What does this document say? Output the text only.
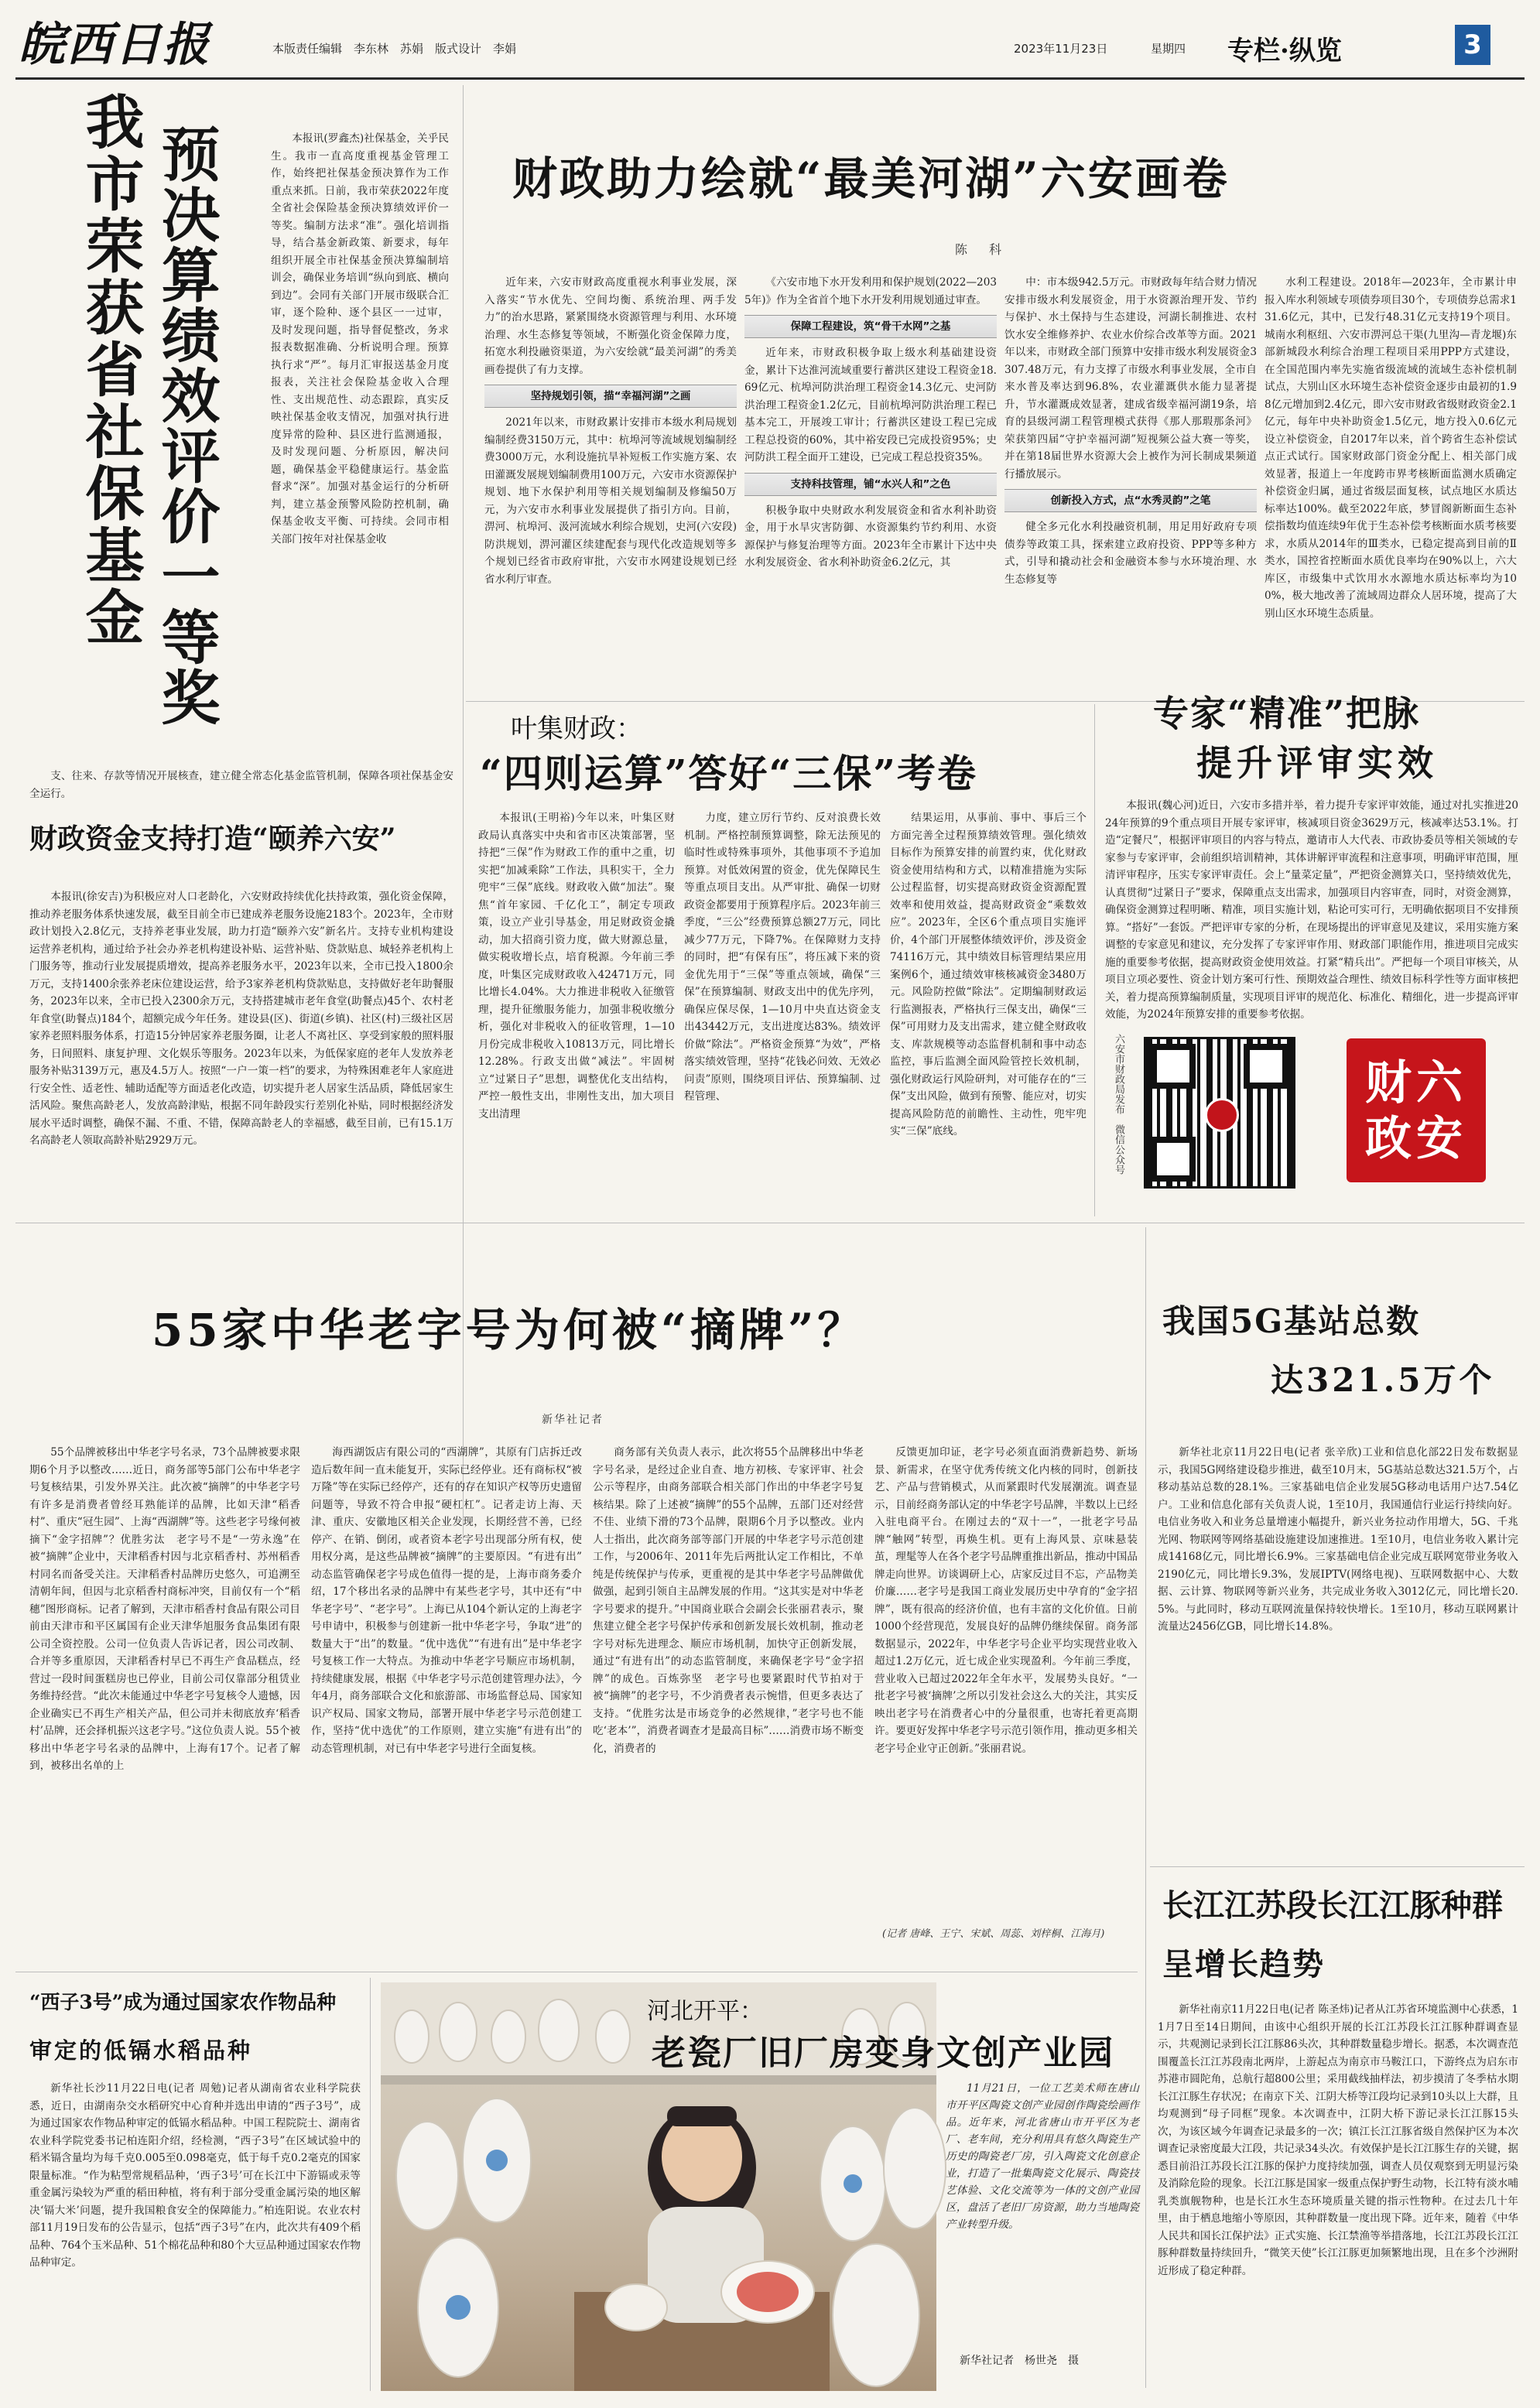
皖西日报	本版责任编辑　李东林　苏娟　版式设计　李娟	2023年11月23日	星期四 专栏·纵览	3
我市荣获省社保基金 预决算绩效评价一等奖	本报讯(罗鑫杰)社保基金，关乎民生。我市一直高度重视基金管理工作，始终把社保基金预决算作为工作重点来抓。日前，我市荣获2022年度全省社会保险基金预决算绩效评价一等奖。编制方法求“准”。强化培训指导，结合基金新政策、新要求，每年组织开展全市社保基金预决算编制培训会，确保业务培训“纵向到底、横向到边”。会同有关部门开展市级联合汇审，逐个险种、逐个县区一一过审，及时发现问题，指导督促整改，务求报表数据准确、分析说明合理。预算执行求“严”。每月汇审报送基金月度报表，关注社会保险基金收入合理性、支出规范性、动态跟踪，真实反映社保基金收支情况，加强对执行进度异常的险种、县区进行监测通报，及时发现问题、分析原因，解决问题，确保基金平稳健康运行。基金监督求“深”。加强对基金运行的分析研判，建立基金预警风险防控机制，确保基金收支平衡、可持续。会同市相关部门按年对社保基金收

支、往来、存款等情况开展核查，建立健全常态化基金监管机制，保障各项社保基金安全运行。

财政助力绘就“最美河湖”六安画卷
陈　科

近年来，六安市财政高度重视水利事业发展，深入落实“节水优先、空间均衡、系统治理、两手发力”的治水思路，紧紧围绕水资源管理与利用、水环境治理、水生态修复等领域，不断强化资金保障力度，拓宽水利投融资渠道，为六安绘就“最美河湖”的秀美画卷提供了有力支撑。

坚持规划引领，描“幸福河湖”之画

2021年以来，市财政累计安排市本级水利局规划编制经费3150万元，其中：杭埠河等流域规划编制经费3000万元，水利设施抗旱补短板工作实施方案、农田灌溉发展规划编制费用100万元，六安市水资源保护规划、地下水保护利用等相关规划编制及修编50万元，为六安市水利事业发展提供了指引方向。目前，淠河、杭埠河、汲河流域水利综合规划，史河(六安段)防洪规划，淠河灌区续建配套与现代化改造规划等多个规划已经省市政府审批，六安市水网建设规划已经省水利厅审查。

《六安市地下水开发利用和保护规划(2022—2035年)》作为全省首个地下水开发利用规划通过审查。

保障工程建设，筑“骨干水网”之基

近年来，市财政积极争取上级水利基础建设资金，累计下达淮河流域重要行蓄洪区建设工程资金18.69亿元、杭埠河防洪治理工程资金14.3亿元、史河防洪治理工程资金1.2亿元，目前杭埠河防洪治理工程已基本完工，开展竣工审计；行蓄洪区建设工程已完成工程总投资的60%，其中裕安段已完成投资95%；史河防洪工程全面开工建设，已完成工程总投资35%。

支持科技管理，铺“水兴人和”之色

积极争取中央财政水利发展资金和省水利补助资金，用于水旱灾害防御、水资源集约节约利用、水资源保护与修复治理等方面。2023年全市累计下达中央水利发展资金、省水利补助资金6.2亿元，其

中：市本级942.5万元。市财政每年结合财力情况安排市级水利发展资金，用于水资源治理开发、节约与保护、水土保持与生态建设，河湖长制推进、农村饮水安全维修养护、农业水价综合改革等方面。2021年以来，市财政全部门预算中安排市级水利发展资金3307.48万元，有力支撑了市级水利事业发展，全市自来水普及率达到96.8%，农业灌溉供水能力显著提升，节水灌溉成效显著，建成省级幸福河湖19条，培育的县级河湖工程管理模式获得《那人那瑕那条河》荣获第四届“守护幸福河湖”短视频公益大赛一等奖，并在第18届世界水资源大会上被作为河长制成果频道行播放展示。

创新投入方式，点“水秀灵韵”之笔

健全多元化水利投融资机制，用足用好政府专项债券等政策工具，探索建立政府投资、PPP等多种方式，引导和撬动社会和金融资本参与水环境治理、水生态修复等

水利工程建设。2018年—2023年，全市累计申报入库水利领域专项债券项目30个，专项债券总需求131.6亿元，其中，已发行48.31亿元支持19个项目。城南水利枢纽、六安市淠河总干渠(九里沟—青龙堰)东部新城段水利综合治理工程项目采用PPP方式建设，在全国范围内率先实施省级流域的流域生态补偿机制试点，大别山区水环境生态补偿资金逐步由最初的1.98亿元增加到2.4亿元，即六安市财政省级财政资金2.1亿元，每年中央补助资金1.5亿元，地方投入0.6亿元设立补偿资金，自2017年以来，首个跨省生态补偿试点正式试行。国家财政部门资金分配上、相关部门成效显著，报道上一年度跨市界考核断面监测水质确定补偿资金归属，通过省级层面复核，试点地区水质达标率达100%。截至2022年底，梦冒阁新断面生态补偿指数均值连续9年优于生态补偿考核断面水质考核要求，水质从2014年的Ⅲ类水，已稳定提高到目前的Ⅱ类水，国控省控断面水质优良率均在90%以上，六大库区，市级集中式饮用水水源地水质达标率均为100%，极大地改善了流域周边群众人居环境，提高了大别山区水环境生态质量。

叶集财政：
“四则运算”答好“三保”考卷

本报讯(王明裕)今年以来，叶集区财政局认真落实中央和省市区决策部署，坚持把“三保”作为财政工作的重中之重，切实把“加减乘除”工作法，具积实干，全力兜牢“三保”底线。财政收入做“加法”。聚焦“首年家园、千亿化工”，制定专项政策，设立产业引导基金，用足财政资金撬动，加大招商引资力度，做大财源总量，做实税收增长点，培育税源。今年前三季度，叶集区完成财政收入42471万元，同比增长4.04%。大力推进非税收入征缴管理，提升征缴服务能力，加强非税收缴分析，强化对非税收入的征收管理，1—10月份完成非税收入10813万元，同比增长12.28%。行政支出做“减法”。牢固树立“过紧日子”思想，调整优化支出结构，严控一般性支出，非刚性支出，加大项目支出清理

力度，建立厉行节约、反对浪费长效机制。严格控制预算调整，除无法预见的临时性或特殊事项外，其他事项不予追加预算。对低效闲置的资金，优先保障民生等重点项目支出。从严审批、确保一切财政资金都要用于预算程序后。2023年前三季度，“三公”经费预算总额27万元，同比减少77万元，下降7%。在保障财力支持的同时，把“有保有压”，将压减下来的资金优先用于“三保”等重点领域，确保“三保”在预算编制、财政支出中的优先序列，确保应保尽保，1—10月中央直达资金支出43442万元，支出进度达83%。绩效评价做“除法”。严格资金预算“为效”，严格落实绩效管理，坚持“花钱必问效、无效必问责”原则，围绕项目评估、预算编制、过程管理、

结果运用，从事前、事中、事后三个方面完善全过程预算绩效管理。强化绩效目标作为预算安排的前置约束，优化财政资金使用结构和方式，以精准措施为实际公过程监督，切实提高财政资金资源配置效率和使用效益，提高财政资金“乘数效应”。2023年，全区6个重点项目实施评价，4个部门开展整体绩效评价，涉及资金74116万元，其中绩效目标管理结果应用案例6个，通过绩效审核核减资金3480万元。风险防控做“除法”。定期编制财政运行监测报表，严格执行三保支出，确保“三保”可用财力及支出需求，建立健全财政收支、库款规模等动态监督机制和事中动态监控，事后监测全面风险管控长效机制，强化财政运行风险研判，对可能存在的“三保”支出风险，做到有预警、能应对，切实提高风险防范的前瞻性、主动性，兜牢兜实“三保”底线。

专家“精准”把脉
提升评审实效

本报讯(魏心河)近日，六安市多措并举，着力提升专家评审效能，通过对扎实推进2024年预算的9个重点项目开展专家评审，核减项目资金3629万元，核减率达53.1%。打造“定餐尺”，根据评审项目的内容与特点，邀请市人大代表、市政协委员等相关领域的专家参与专家评审，会前组织培训精神，其体讲解评审流程和注意事项，明确评审范围，厘清评审程序，压实专家评审责任。会上“量菜定量”，严把资金测算关口，坚持绩效优先，认真贯彻“过紧日子”要求，保障重点支出需求，加强项目内容审查，同时，对资金测算，确保资金测算过程明晰、精准，项目实施计划，粘论可实可行，无明确依据项目不安排预算。“搭好”一套饭。严把评审专家的分析，在现场提出的评审意见及建议，采用实施方案调整的专家意见和建议，充分发挥了专家评审作用、财政部门职能作用，推进项目完成实施的重要参考依据，提高财政资金使用效益。打紧“精兵出”。严把每一个项目审核关，从项目立项必要性、资金计划方案可行性、预期效益合理性、绩效目标科学性等方面审核把关，着力提高预算编制质量，实现项目评审的规范化、标准化、精细化，进一步提高评审效能，为2024年预算安排的重要参考依据。

六安市财政局发布　微信公众号	财六
政安
财政资金支持打造“颐养六安”

本报讯(徐安吉)为积极应对人口老龄化，六安财政持续优化扶持政策，强化资金保障，推动养老服务体系快速发展，截至目前全市已建成养老服务设施2183个。2023年，全市财政计划投入2.8亿元，支持养老事业发展，助力打造“颐养六安”新名片。支持专业机构建设运营养老机构，通过给予社会办养老机构建设补贴、运营补贴、贷款贴息、城轻养老机构上门服务等，推动行业发展提质增效，提高养老服务水平，2023年以来，全市已投入1800余万元，支持1400余张养老床位建设运营，给予3家养老机构贷款贴息，支持做好老年助餐服务，2023年以来，全市已投入2300余万元，支持搭建城市老年食堂(助餐点)45个、农村老年食堂(助餐点)184个，超额完成今年任务。建设县(区)、街道(乡镇)、社区(村)三级社区居家养老照料服务体系，打造15分钟居家养老服务圈，让老人不离社区、享受到家般的照料服务，日间照料、康复护理、文化娱乐等服务。2023年以来，为低保家庭的老年人发放养老服务补贴3139万元，惠及4.5万人。按照“一户一策一档”的要求，为特殊困难老年人家庭进行安全性、适老性、辅助适配等方面适老化改造，切实提升老人居家生活品质，降低居家生活风险。聚焦高龄老人，发放高龄津贴，根据不同年龄段实行差别化补贴，同时根据经济发展水平适时调整，确保不漏、不重、不错，保障高龄老人的幸福感，截至目前，已有15.1万名高龄老人领取高龄补贴2929万元。

55家中华老字号为何被“摘牌”？
新华社记者

55个品牌被移出中华老字号名录，73个品牌被要求限期6个月予以整改……近日，商务部等5部门公布中华老字号复核结果，引发外界关注。此次被“摘牌”的中华老字号有许多是消费者曾经耳熟能详的品牌，比如天津“稻香村”、重庆“冠生园”、上海“西湖牌”等。这些老字号缘何被摘下“金字招牌”？优胜劣汰　老字号不是“一劳永逸”在被“摘牌”企业中，天津稻香村因与北京稻香村、苏州稻香村同名而备受关注。天津稻香村品牌历史悠久，可追溯至清朝年间，但因与北京稻香村商标冲突，目前仅有一个“稻穗”图形商标。记者了解到，天津市稻香村食品有限公司目前由天津市和平区属国有企业天津华旭服务食品集团有限公司全资控股。公司一位负责人告诉记者，因公司改制、合并等多重原因，天津稻香村早已不再生产食品糕点，经营过一段时间蛋糕房也已停业，目前公司仅靠部分租赁业务维持经营。“此次未能通过中华老字号复核令人遗憾，因企业确实已不再生产相关产品，但公司并未彻底放弃‘稻香村’品牌，还会择机振兴这老字号。”这位负责人说。55个被移出中华老字号名录的品牌中，上海有17个。记者了解到，被移出名单的上

海西湖饭店有限公司的“西湖牌”，其原有门店拆迁改造后数年间一直未能复开，实际已经停业。还有商标权“被万隆”等在实际已经停产，还有的存在知识产权等历史遗留问题等，导致不符合申报“硬杠杠”。记者走访上海、天津、重庆、安徽地区相关企业发现，长期经营不善，已经停产、在销、倒闭，或者资本老字号出现部分所有权，使用权分离，是这些品牌被“摘牌”的主要原因。“有进有出”　动态监管确保老字号成色值得一提的是，上海市商务委介绍，17个移出名录的品牌中有某些老字号，其中还有“中华老字号”、“老字号”。上海已从104个新认定的上海老字号申请中，积极参与创建新一批中华老字号，争取“进”的数量大于“出”的数量。“优中选优”“有进有出”是中华老字号复核工作一大特点。为推动中华老字号顺应市场机制，持续健康发展，根据《中华老字号示范创建管理办法》，今年4月，商务部联合文化和旅游部、市场监督总局、国家知识产权局、国家文物局，部署开展中华老字号示范创建工作，坚持“优中选优”的工作原则，建立实施“有进有出”的动态管理机制，对已有中华老字号进行全面复核。

商务部有关负责人表示，此次将55个品牌移出中华老字号名录，是经过企业自查、地方初核、专家评审、社会公示等程序，由商务部联合相关部门作出的中华老字号复核结果。除了上述被“摘牌”的55个品牌，五部门还对经营不佳、业绩下滑的73个品牌，限期6个月予以整改。业内人士指出，此次商务部等部门开展的中华老字号示范创建工作，与2006年、2011年先后两批认定工作相比，不单纯是传统保护与传承，更重视的是其中华老字号品牌做优做强，起到引领自主品牌发展的作用。“这其实是对中华老字号要求的提升。”中国商业联合会副会长张丽君表示，聚焦建立健全老字号保护传承和创新发展长效机制，推动老字号对标先进理念、顺应市场机制，加快守正创新发展，通过“有进有出”的动态监管制度，来确保老字号“金字招牌”的成色。百炼弥坚　老字号也要紧跟时代节拍对于被“摘牌”的老字号，不少消费者表示惋惜，但更多表达了支持。“优胜劣汰是市场竞争的必然规律，”老字号也不能吃‘老本’”，消费者调查才是最高目标”……消费市场不断变化，消费者的

反馈更加印证，老字号必须直面消费新趋势、新场景、新需求，在坚守优秀传统文化内核的同时，创新技艺、产品与营销模式，从而紧跟时代发展潮流。调查显示，目前经商务部认定的中华老字号品牌，半数以上已经入驻电商平台。在刚过去的“双十一”，一批老字号品牌“触网”转型，再焕生机。更有上海风景、京味悬装茧，理髦等人在各个老字号品牌重推出新品，推动中国品牌走向世界。访谈调研上心，店家反过目不忘，产品物美价廉……老字号是我国工商业发展历史中孕育的“金字招牌”，既有很高的经济价值，也有丰富的文化价值。日前1000个经营现范，发展良好的品牌仍继续保留。商务部数据显示，2022年，中华老字号企业平均实现营业收入超过1.2万亿元，近七成企业实现盈利。今年前三季度，营业收入已超过2022年全年水平，发展势头良好。“一批老字号被‘摘牌’之所以引发社会这么大的关注，其实反映出老字号在消费者心中的分量很重，也寄托着更高期许。要更好发挥中华老字号示范引领作用，推动更多相关老字号企业守正创新。”张丽君说。

(记者 唐峰、王宁、宋斌、周蕊、刘梓桐、江海月)
我国5G基站总数
达321.5万个

新华社北京11月22日电(记者 张辛欣)工业和信息化部22日发布数据显示，我国5G网络建设稳步推进，截至10月末，5G基站总数达321.5万个，占移动基站总数的28.1%。三家基础电信企业发展5G移动电话用户达7.54亿户。工业和信息化部有关负责人说，1至10月，我国通信行业运行持续向好。电信业务收入和业务总量增速小幅提升，新兴业务拉动作用增大，5G、千兆光网、物联网等网络基础设施建设加速推进。1至10月，电信业务收入累计完成14168亿元，同比增长6.9%。三家基础电信企业完成互联网宽带业务收入2190亿元，同比增长9.3%，发展IPTV(网络电视)、互联网数据中心、大数据、云计算、物联网等新兴业务，共完成业务收入3012亿元，同比增长20.5%。与此同时，移动互联网流量保持较快增长。1至10月，移动互联网累计流量达2456亿GB，同比增长14.8%。

长江江苏段长江江豚种群
呈增长趋势

新华社南京11月22日电(记者 陈圣炜)记者从江苏省环境监测中心获悉，11月7日至14日期间，由该中心组织开展的长江江苏段长江江豚种群调查显示，共观测记录到长江江豚86头次，其种群数量稳步增长。据悉，本次调查范围覆盖长江江苏段南北两岸，上游起点为南京市马鞍江口，下游终点为启东市苏港市圆陀角，总航行超800公里；采用截线抽样法，初步摸清了冬季枯水期长江江豚生存状况；在南京下关、江阴大桥等江段均记录到10头以上大群，且均观测到“母子同框”现象。本次调查中，江阴大桥下游记录长江江豚15头次，为该区域今年调查记录最多的一次；镇江长江江豚省级自然保护区为本次调查记录密度最大江段，共记录34头次。有效保护是长江江豚生存的关键，据悉目前沿江苏段长江江豚的保护力度持续加强，调查人员仅观察到无明显污染及消除危险的现象。长江江豚是国家一级重点保护野生动物，长江特有淡水哺乳类旗舰物种，也是长江水生态环境质量关键的指示性物种。在过去几十年里，由于栖息地缩小等原因，其种群数量一度出现下降。近年来，随着《中华人民共和国长江保护法》正式实施、长江禁渔等举措落地，长江江苏段长江江豚种群数量持续回升，“微笑天使”长江江豚更加频繁地出现，且在多个沙洲附近形成了稳定种群。

“西子3号”成为通过国家农作物品种
审定的低镉水稻品种

新华社长沙11月22日电(记者 周勉)记者从湖南省农业科学院获悉，近日，由湖南杂交水稻研究中心育种并选出申请的“西子3号”，成为通过国家农作物品种审定的低镉水稻品种。中国工程院院士、湖南省农业科学院党委书记柏连阳介绍，经检测，“西子3号”在区域试验中的稻米镉含量均为每千克0.005至0.098毫克，低于每千克0.2毫克的国家限量标准。“作为粘型常规稻品种，‘西子3号’可在长江中下游镉或汞等重金属污染较为严重的稻田种植，将有利于部分受重金属污染的地区解决‘镉大米’问题，提升我国粮食安全的保障能力。”柏连阳说。农业农村部11月19日发布的公告显示，包括“西子3号”在内，此次共有409个稻品种、764个玉米品种、51个棉花品种和80个大豆品种通过国家农作物品种审定。

河北开平：
老瓷厂旧厂房变身文创产业园

11月21日，一位工艺美术师在唐山市开平区陶瓷文创产业园创作陶瓷绘画作品。近年来，河北省唐山市开平区为老厂、老车间，充分利用具有悠久陶瓷生产历史的陶瓷老厂房，引入陶瓷文化创意企业，打造了一批集陶瓷文化展示、陶瓷技艺体验、文化交流等为一体的文创产业园区，盘活了老旧厂房资源，助力当地陶瓷产业转型升级。

新华社记者　杨世尧　摄
